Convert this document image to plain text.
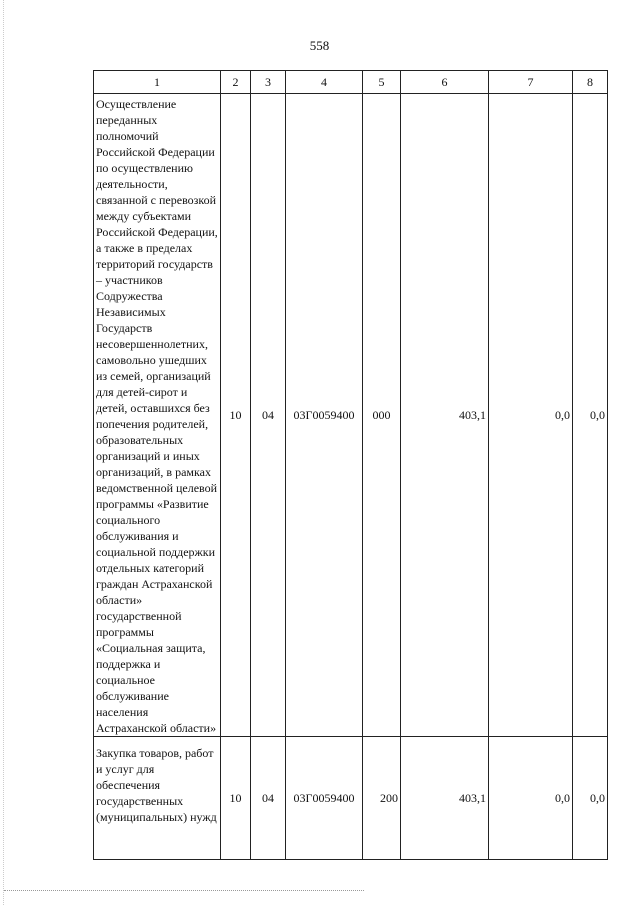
558
1	2	3	4	5	6	7	8
Осуществление переданных полномочий Российской Федерации по осуществлению деятельности, связанной с перевозкой между субъектами Российской Федерации, а также в пределах территорий государств – участников Содружества Независимых Государств несовершеннолетних, самовольно ушедших из семей, организаций для детей-сирот и детей, оставшихся без попечения родителей, образовательных организаций и иных организаций, в рамках ведомственной целевой программы «Развитие социального обслуживания и социальной поддержки отдельных категорий граждан Астраханской области» государственной программы «Социальная защита, поддержка и социальное обслуживание населения Астраханской области»	10	04	03Г0059400	000	403,1	0,0	0,0
Закупка товаров, работ и услуг для обеспечения государственных (муниципальных) нужд	10	04	03Г0059400	200	403,1	0,0	0,0
